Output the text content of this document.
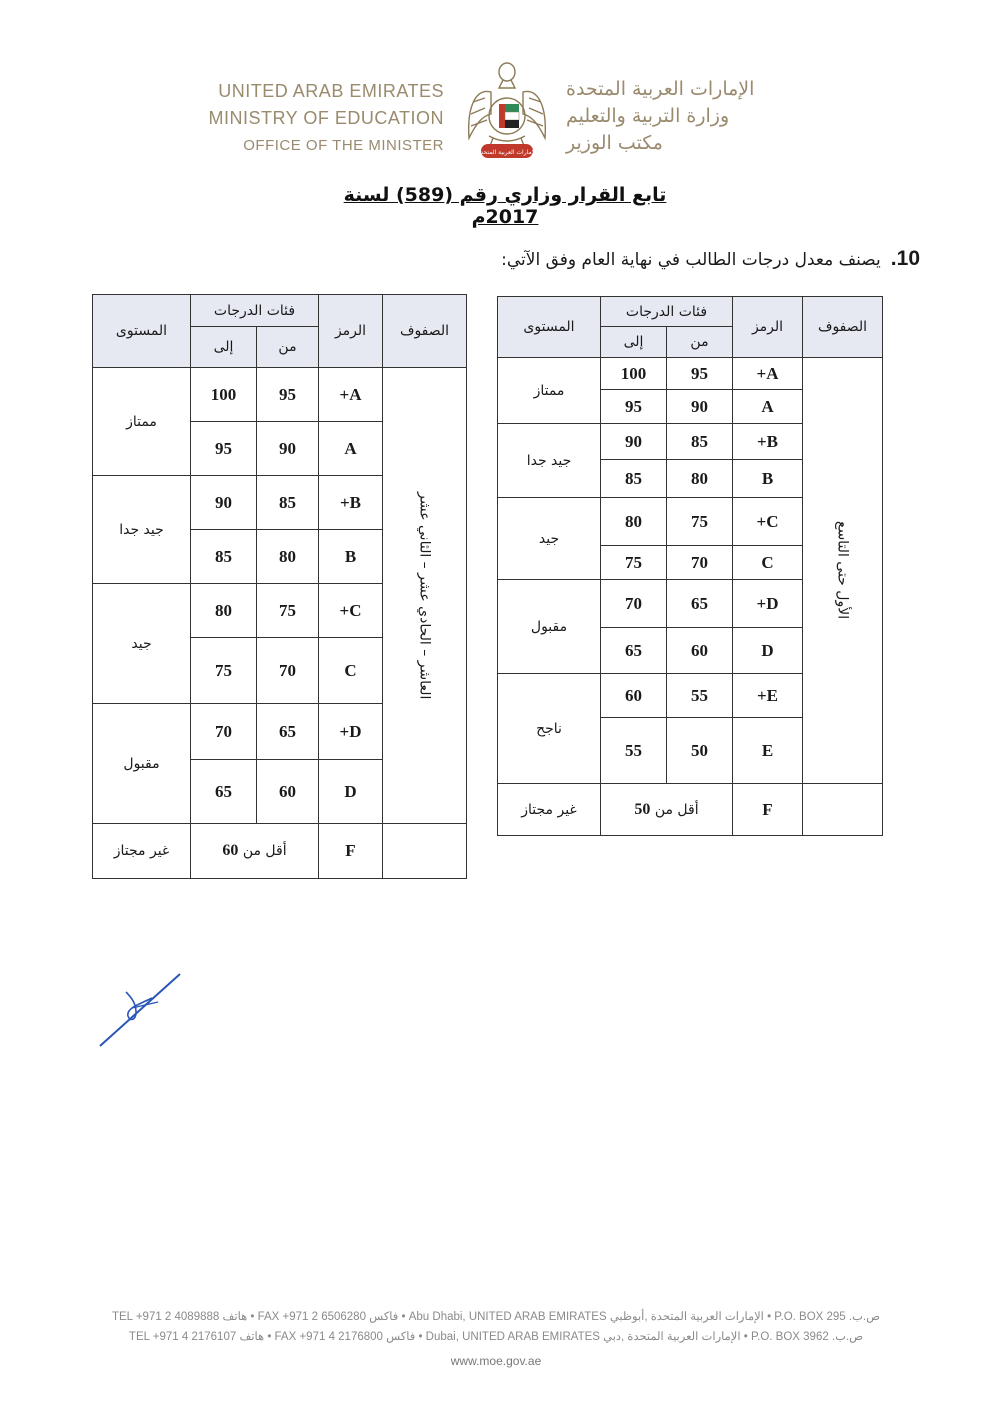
UNITED ARAB EMIRATES
MINISTRY OF EDUCATION
OFFICE OF THE MINISTER	الإمارات العربية المتحدة
الإمارات العربية المتحدة
وزارة التربية والتعليم
مكتب الوزير
تابع القرار وزاري رقم (589) لسنة 2017م
10.يصنف معدل درجات الطالب في نهاية العام وفق الآتي:
الصفوف	الرمز	فئات الدرجات		المستوى
		من	إلى	

الأول حتى التاسع	A+	95	100	ممتاز
	A	90	95	
	B+	85	90	جيد جدا
	B	80	85	
	C+	75	80	جيد
	C	70	75	
	D+	65	70	مقبول
	D	60	65	
	E+	55	60	ناجح
	E	50	55	
	F	أقل من 50		غير مجتاز
الصفوف	الرمز	فئات الدرجات		المستوى
		من	إلى	

العاشر – الحادي عشر – الثاني عشر	A+	95	100	ممتاز
	A	90	95	
	B+	85	90	جيد جدا
	B	80	85	
	C+	75	80	جيد
	C	70	75	
	D+	65	70	مقبول
	D	60	65	
	F	أقل من 60		غير مجتاز
TEL +971 2 4089888 هاتف • FAX +971 2 6506280 فاكس • Abu Dhabi, UNITED ARAB EMIRATES الإمارات العربية المتحدة ,أبوظبي • P.O. BOX 295 .ص.ب
TEL +971 4 2176107 هاتف • FAX +971 4 2176800 فاكس • Dubai, UNITED ARAB EMIRATES الإمارات العربية المتحدة ,دبي • P.O. BOX 3962 .ص.ب
www.moe.gov.ae
